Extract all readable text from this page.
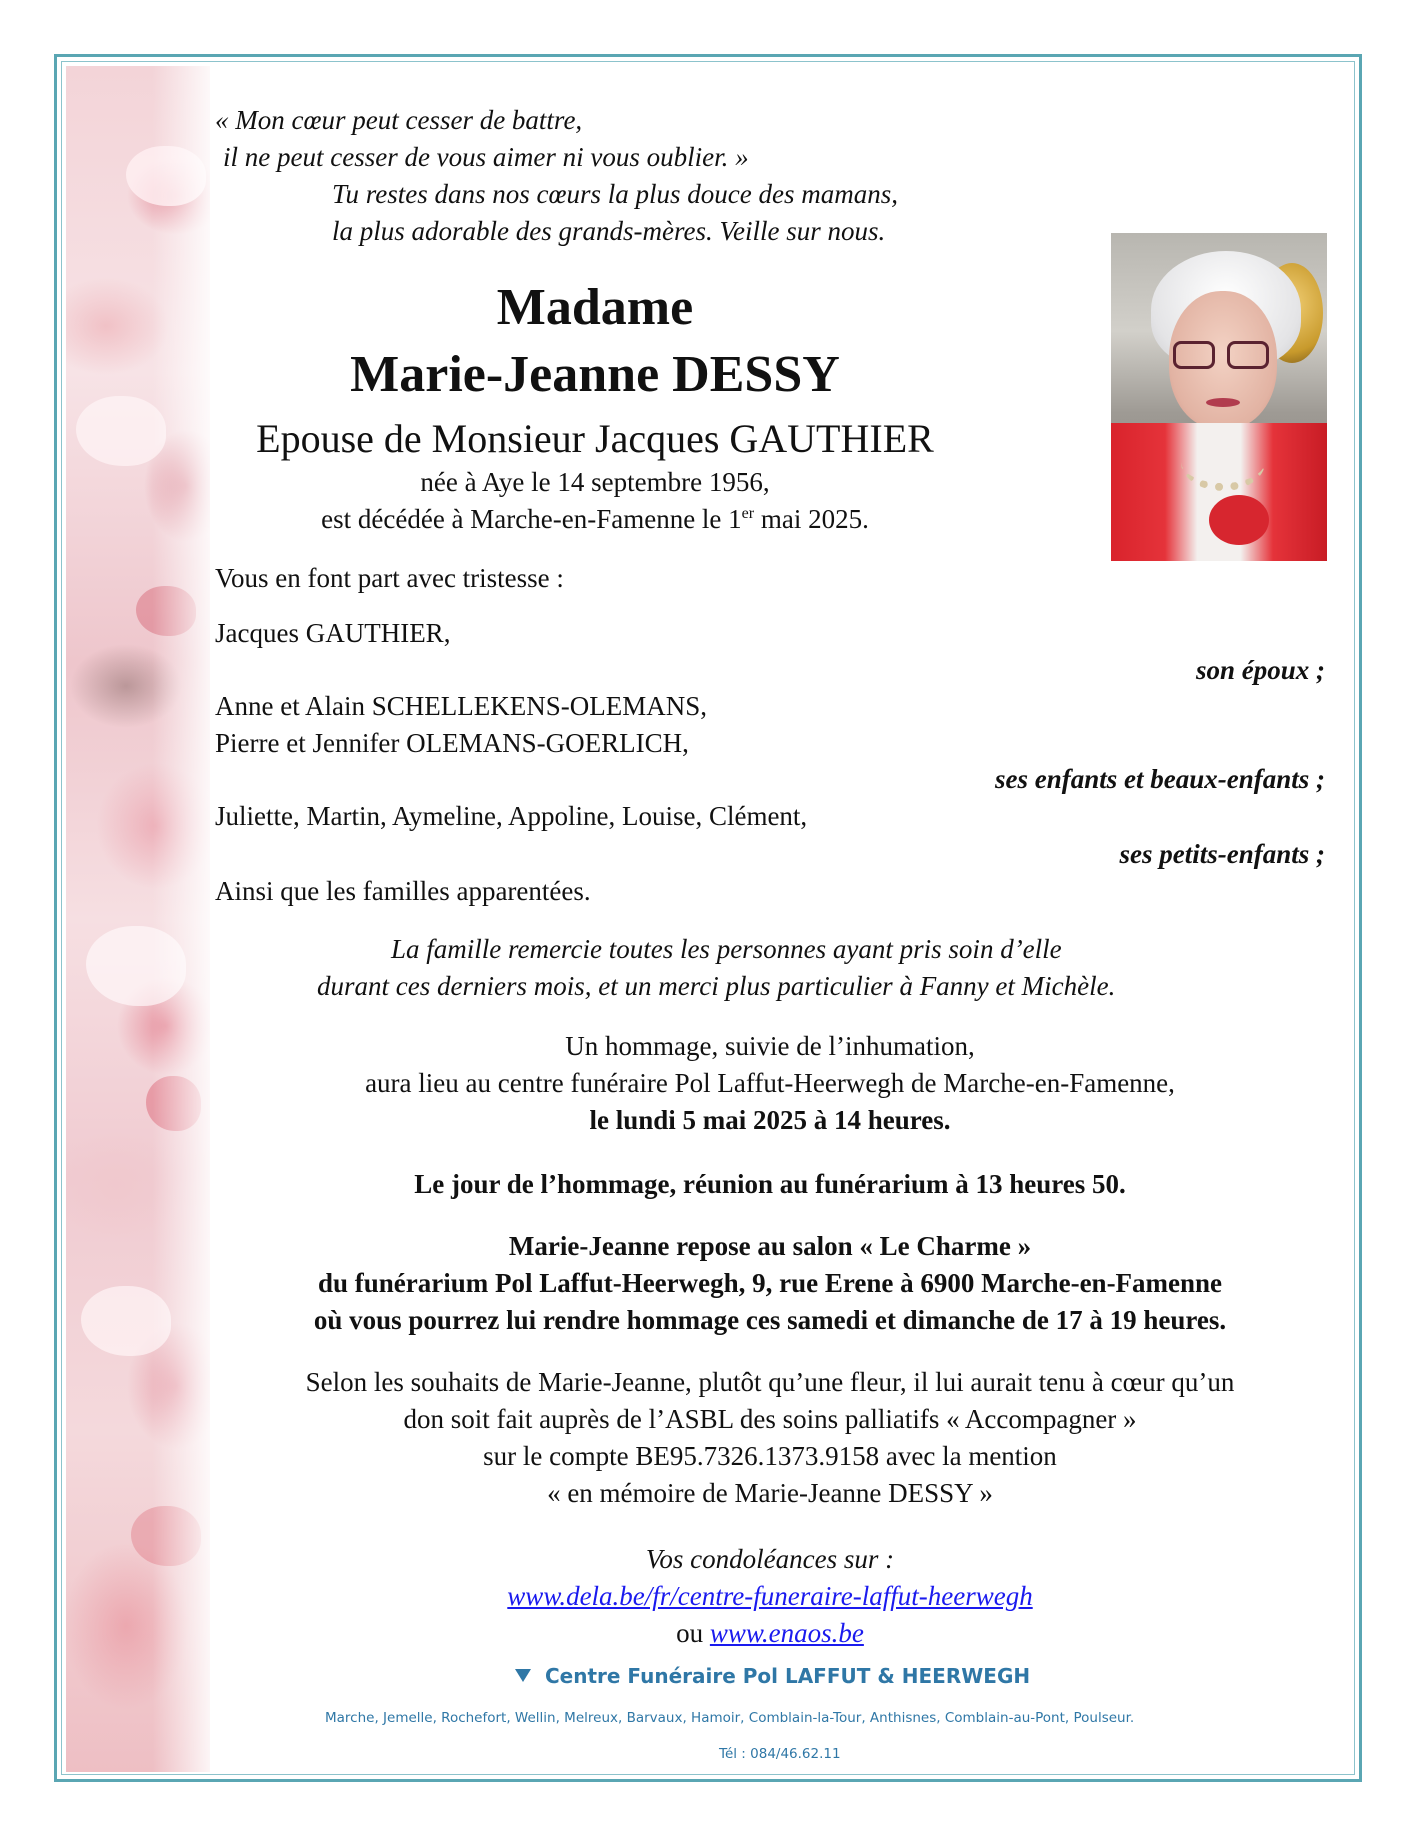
« Mon cœur peut cesser de battre,
il ne peut cesser de vous aimer ni vous oublier. »
Tu restes dans nos cœurs la plus douce des mamans,
la plus adorable des grands-mères. Veille sur nous.
Madame
Marie-Jeanne DESSY
Epouse de Monsieur Jacques GAUTHIER
née à Aye le 14 septembre 1956,
est décédée à Marche-en-Famenne le 1er mai 2025.
Vous en font part avec tristesse :
Jacques GAUTHIER,
son époux ;
Anne et Alain SCHELLEKENS-OLEMANS,
Pierre et Jennifer OLEMANS-GOERLICH,
ses enfants et beaux-enfants ;
Juliette, Martin, Aymeline, Appoline, Louise, Clément,
ses petits-enfants ;
Ainsi que les familles apparentées.
La famille remercie toutes les personnes ayant pris soin d’elle
durant ces derniers mois, et un merci plus particulier à Fanny et Michèle.
Un hommage, suivie de l’inhumation,
aura lieu au centre funéraire Pol Laffut-Heerwegh de Marche-en-Famenne,
le lundi 5 mai 2025 à 14 heures.
Le jour de l’hommage, réunion au funérarium à 13 heures 50.
Marie-Jeanne repose au salon « Le Charme »
du funérarium Pol Laffut-Heerwegh, 9, rue Erene à 6900 Marche-en-Famenne
où vous pourrez lui rendre hommage ces samedi et dimanche de 17 à 19 heures.
Selon les souhaits de Marie-Jeanne, plutôt qu’une fleur, il lui aurait tenu à cœur qu’un
don soit fait auprès de l’ASBL des soins palliatifs « Accompagner »
sur le compte BE95.7326.1373.9158 avec la mention
« en mémoire de Marie-Jeanne DESSY »
Vos condoléances sur :
www.dela.be/fr/centre-funeraire-laffut-heerwegh
ou www.enaos.be
Centre Funéraire Pol LAFFUT & HEERWEGH
Marche, Jemelle, Rochefort, Wellin, Melreux, Barvaux, Hamoir, Comblain-la-Tour, Anthisnes, Comblain-au-Pont, Poulseur.
Tél : 084/46.62.11
